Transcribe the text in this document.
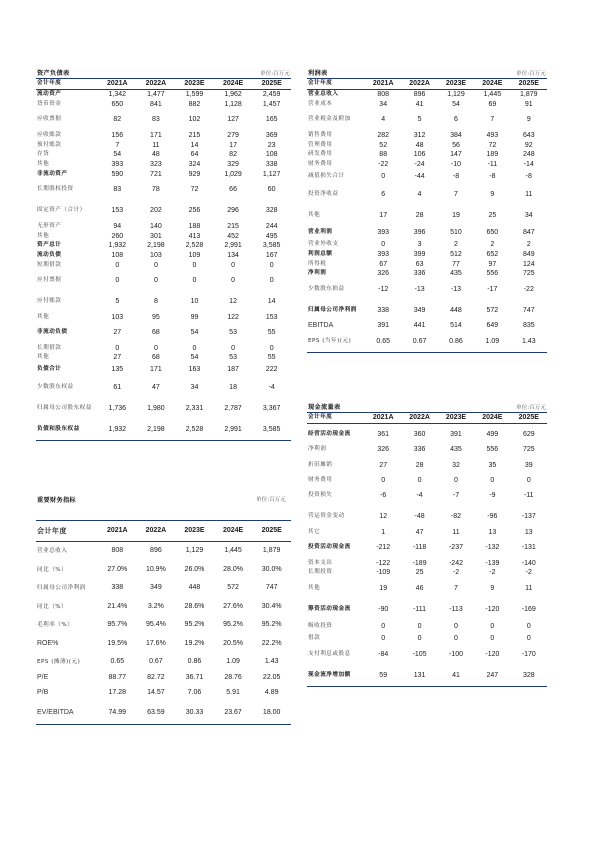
资产负债表	单位:百万元
会计年度	2021A	2022A	2023E	2024E	2025E
流动资产	1,342	1,477	1,599	1,962	2,459
货币资金	650	841	882	1,128	1,457
应收票据	82	83	102	127	165
应收账款	156	171	215	279	369
预付账款	7	11	14	17	23
存货	54	48	64	82	108
其他	393	323	324	329	338
非流动资产	590	721	929	1,029	1,127
长期股权投资	83	78	72	66	60
固定资产（合计）	153	202	256	296	328
无形资产	94	140	188	215	244
其他	260	301	413	452	495
资产总计	1,932	2,198	2,528	2,991	3,585
流动负债	108	103	109	134	167
短期借款	0	0	0	0	0
应付票据	0	0	0	0	0
应付账款	5	8	10	12	14
其他	103	95	99	122	153
非流动负债	27	68	54	53	55
长期借款	0	0	0	0	0
其他	27	68	54	53	55
负债合计	135	171	163	187	222
少数股东权益	61	47	34	18	-4
归属母公司股东权益	1,736	1,980	2,331	2,787	3,367
负债和股东权益	1,932	2,198	2,528	2,991	3,585

重要财务指标	单位:百万元
会计年度	2021A	2022A	2023E	2024E	2025E
营业总收入	808	896	1,129	1,445	1,879
同比（%）	27.0%	10.9%	26.0%	28.0%	30.0%
归属母公司净利润	338	349	448	572	747
同比（%）	21.4%	3.2%	28.6%	27.6%	30.4%
毛利率（%）	95.7%	95.4%	95.2%	95.2%	95.2%
ROE%	19.5%	17.6%	19.2%	20.5%	22.2%
EPS (摊薄)(元)	0.65	0.67	0.86	1.09	1.43
P/E	88.77	82.72	36.71	28.76	22.05
P/B	17.28	14.57	7.06	5.91	4.89
EV/EBITDA	74.99	63.59	30.33	23.67	18.00

利润表	单位:百万元
会计年度	2021A	2022A	2023E	2024E	2025E
营业总收入	808	896	1,129	1,445	1,879
营业成本	34	41	54	69	91
营业税金及附加	4	5	6	7	9
销售费用	282	312	384	493	643
管理费用	52	48	56	72	92
研发费用	88	106	147	189	248
财务费用	-22	-24	-10	-11	-14
减值损失合计	0	-44	-8	-8	-8
投资净收益	6	4	7	9	11
其他	17	28	19	25	34
营业利润	393	396	510	650	847
营业外收支	0	3	2	2	2
利润总额	393	399	512	652	849
所得税	67	63	77	97	124
净利润	326	336	435	556	725
少数股东损益	-12	-13	-13	-17	-22
归属母公司净利润	338	349	448	572	747
EBITDA	391	441	514	649	835
EPS (当年)(元)	0.65	0.67	0.86	1.09	1.43

现金流量表	单位:百万元
会计年度	2021A	2022A	2023E	2024E	2025E
经营活动现金流	361	360	391	499	629
净利润	326	336	435	556	725
折旧摊销	27	28	32	35	39
财务费用	0	0	0	0	0
投资损失	-6	-4	-7	-9	-11
营运资金变动	12	-48	-82	-96	-137
其它	1	47	11	13	13
投资活动现金流	-212	-118	-237	-132	-131
资本支出	-122	-189	-242	-139	-140
长期投资	-109	25	-2	-2	-2
其他	19	46	7	9	11
筹资活动现金流	-90	-111	-113	-120	-169
吸收投资	0	0	0	0	0
借款	0	0	0	0	0
支付利息或股息	-84	-105	-100	-120	-170
现金流净增加额	59	131	41	247	328
